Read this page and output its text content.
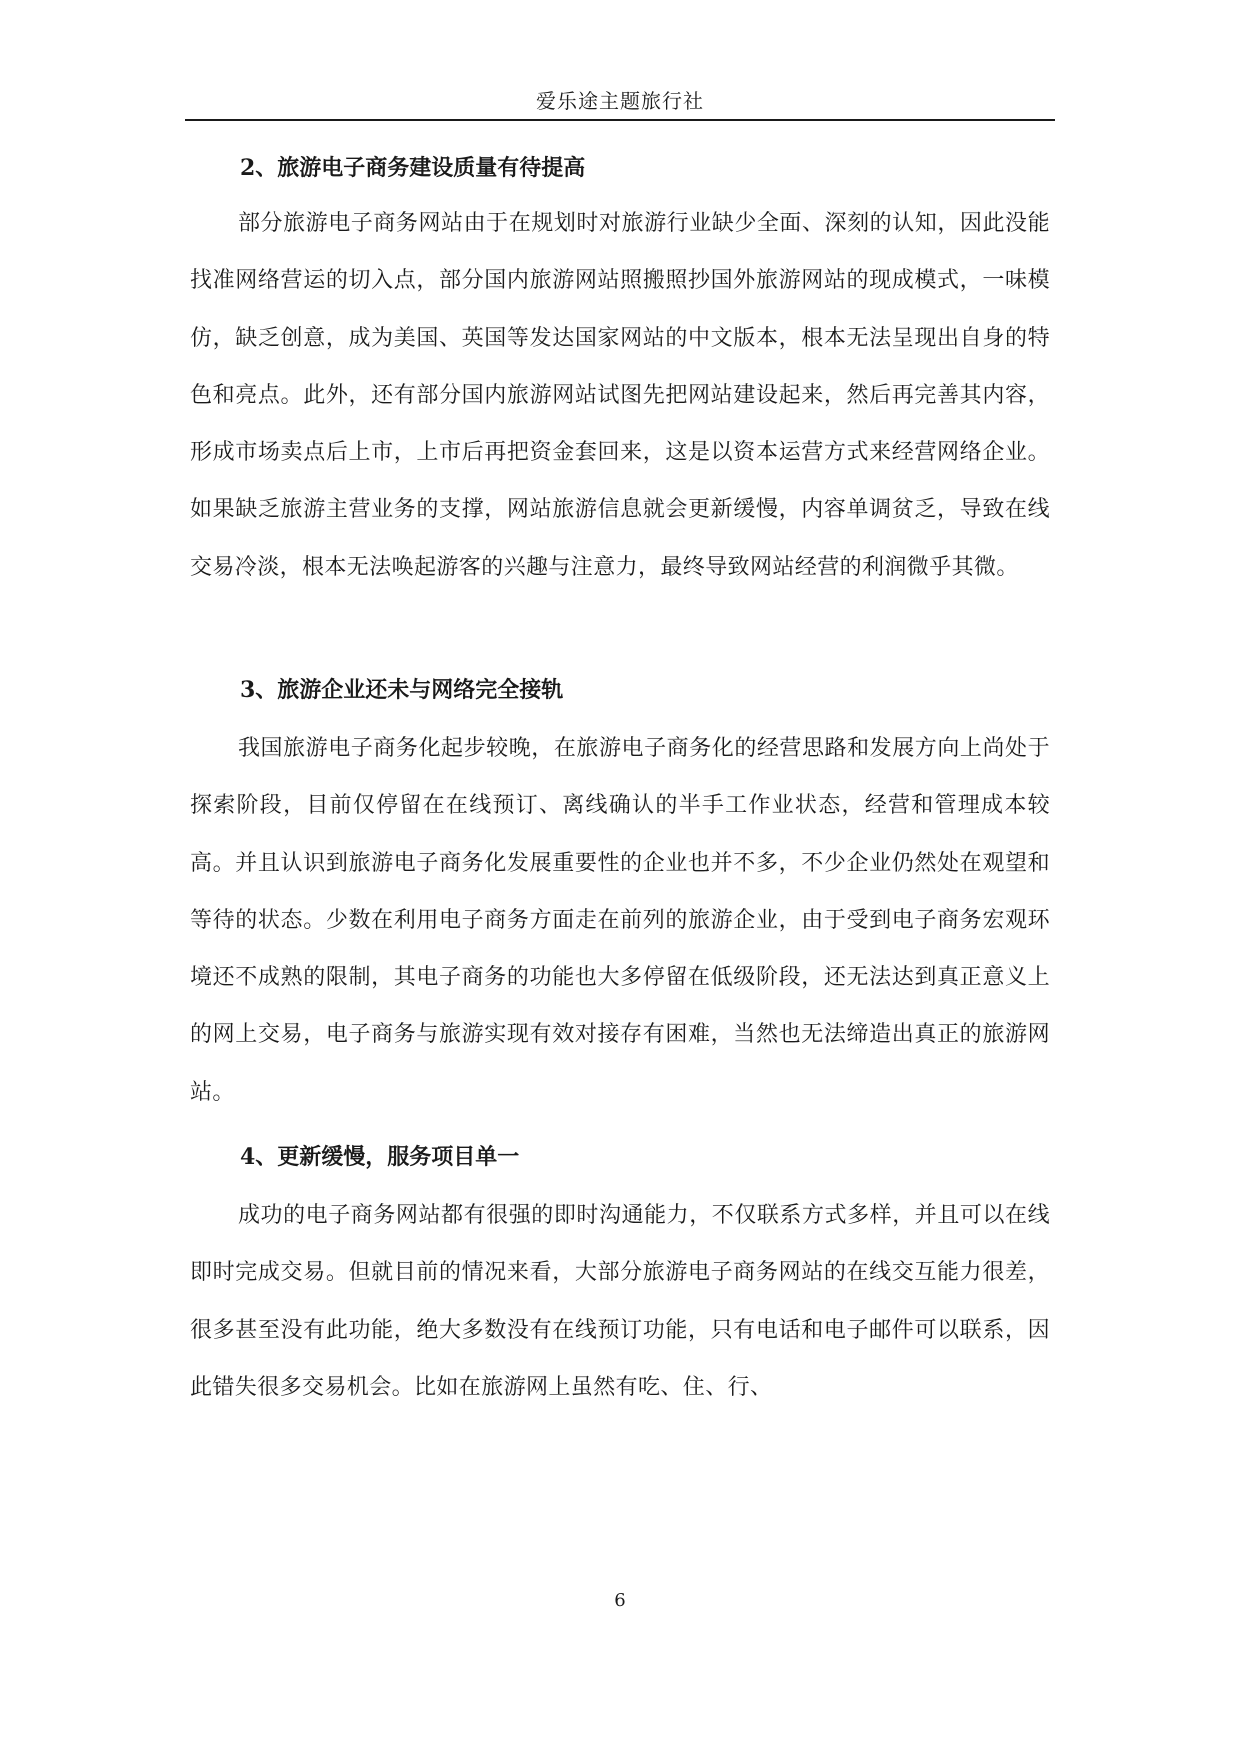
爱乐途主题旅行社
2、旅游电子商务建设质量有待提高

部分旅游电子商务网站由于在规划时对旅游行业缺少全面、深刻的认知，因此没能找准网络营运的切入点，部分国内旅游网站照搬照抄国外旅游网站的现成模式，一味模仿，缺乏创意，成为美国、英国等发达国家网站的中文版本，根本无法呈现出自身的特色和亮点。此外，还有部分国内旅游网站试图先把网站建设起来，然后再完善其内容，形成市场卖点后上市，上市后再把资金套回来，这是以资本运营方式来经营网络企业。如果缺乏旅游主营业务的支撑，网站旅游信息就会更新缓慢，内容单调贫乏，导致在线交易冷淡，根本无法唤起游客的兴趣与注意力，最终导致网站经营的利润微乎其微。

3、旅游企业还未与网络完全接轨

我国旅游电子商务化起步较晚，在旅游电子商务化的经营思路和发展方向上尚处于探索阶段，目前仅停留在在线预订、离线确认的半手工作业状态，经营和管理成本较高。并且认识到旅游电子商务化发展重要性的企业也并不多，不少企业仍然处在观望和等待的状态。少数在利用电子商务方面走在前列的旅游企业，由于受到电子商务宏观环境还不成熟的限制，其电子商务的功能也大多停留在低级阶段，还无法达到真正意义上的网上交易，电子商务与旅游实现有效对接存有困难，当然也无法缔造出真正的旅游网站。

4、更新缓慢，服务项目单一

成功的电子商务网站都有很强的即时沟通能力，不仅联系方式多样，并且可以在线即时完成交易。但就目前的情况来看，大部分旅游电子商务网站的在线交互能力很差，很多甚至没有此功能，绝大多数没有在线预订功能，只有电话和电子邮件可以联系，因此错失很多交易机会。比如在旅游网上虽然有吃、住、行、

6
